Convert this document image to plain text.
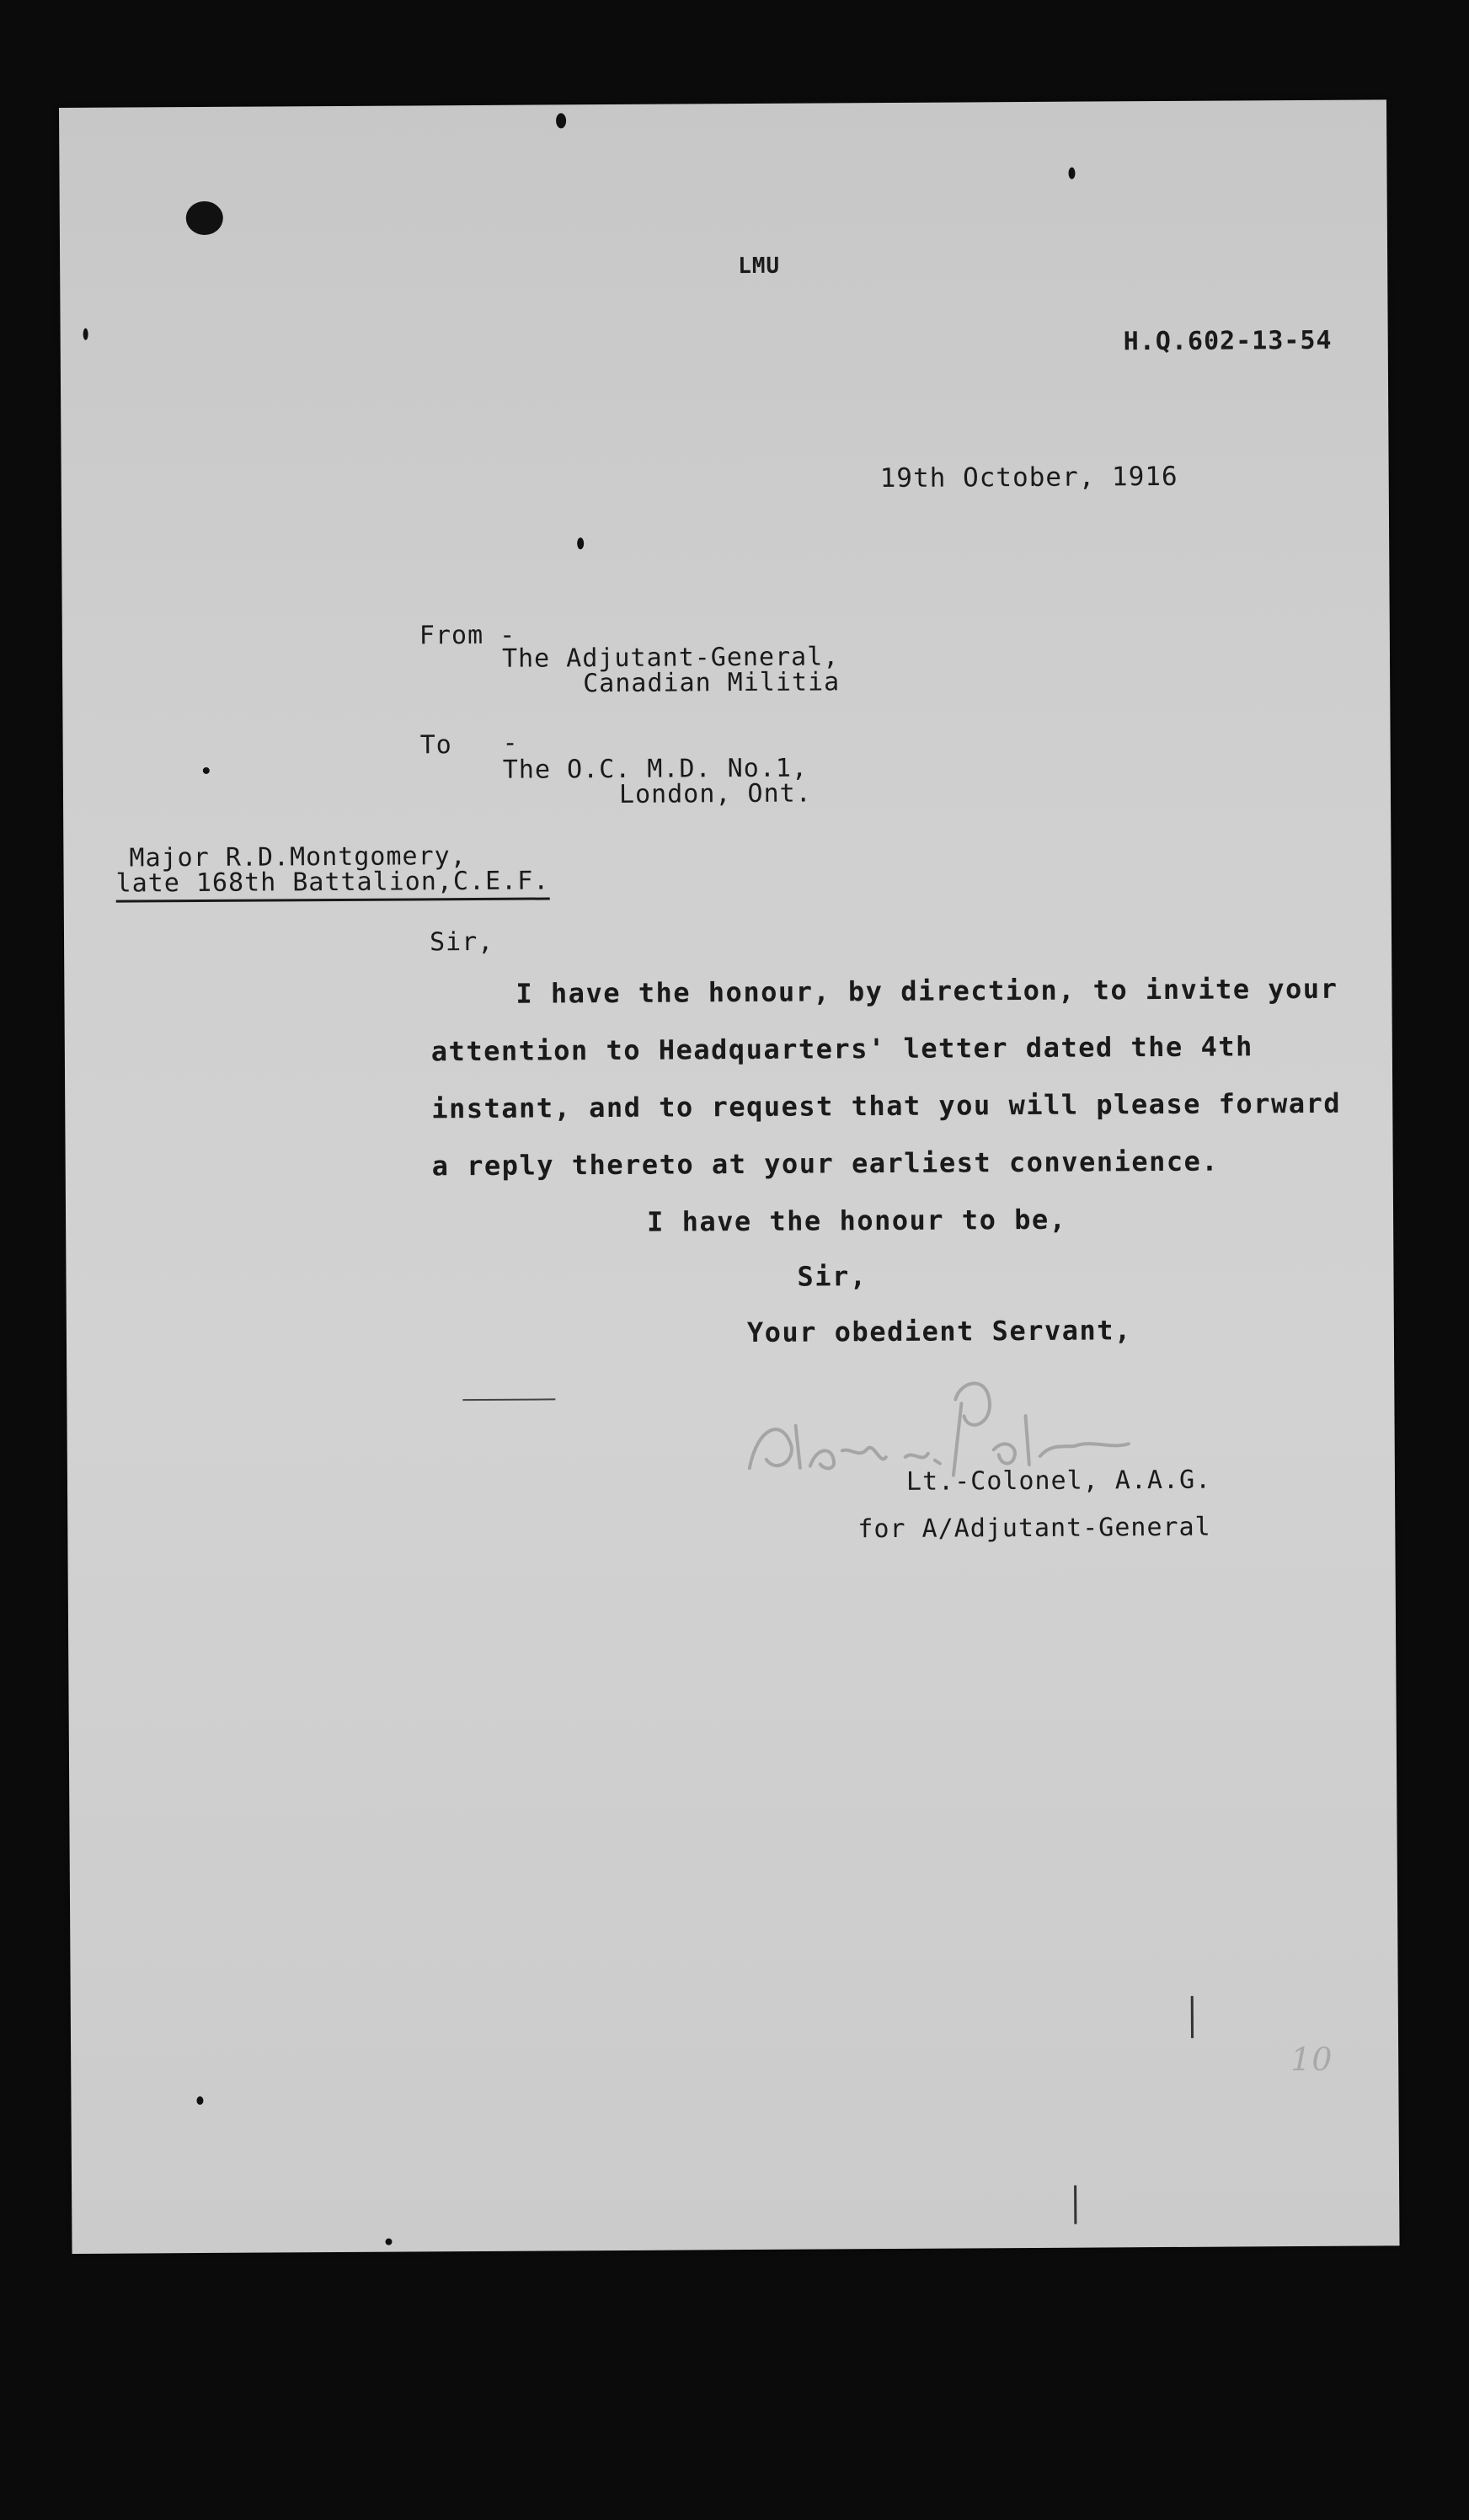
LMU
H.Q.602-13-54
19th October, 1916
From -
The Adjutant-General,
Canadian Militia
To -
The O.C. M.D. No.1,
London, Ont.
Major R.D.Montgomery,
late 168th Battalion,C.E.F.
Sir,
I have the honour, by direction, to invite your
attention to Headquarters' letter dated the 4th
instant, and to request that you will please forward
a reply thereto at your earliest convenience.
I have the honour to be,
Sir,
Your obedient Servant,
Lt.-Colonel, A.A.G.
for A/Adjutant-General
10
